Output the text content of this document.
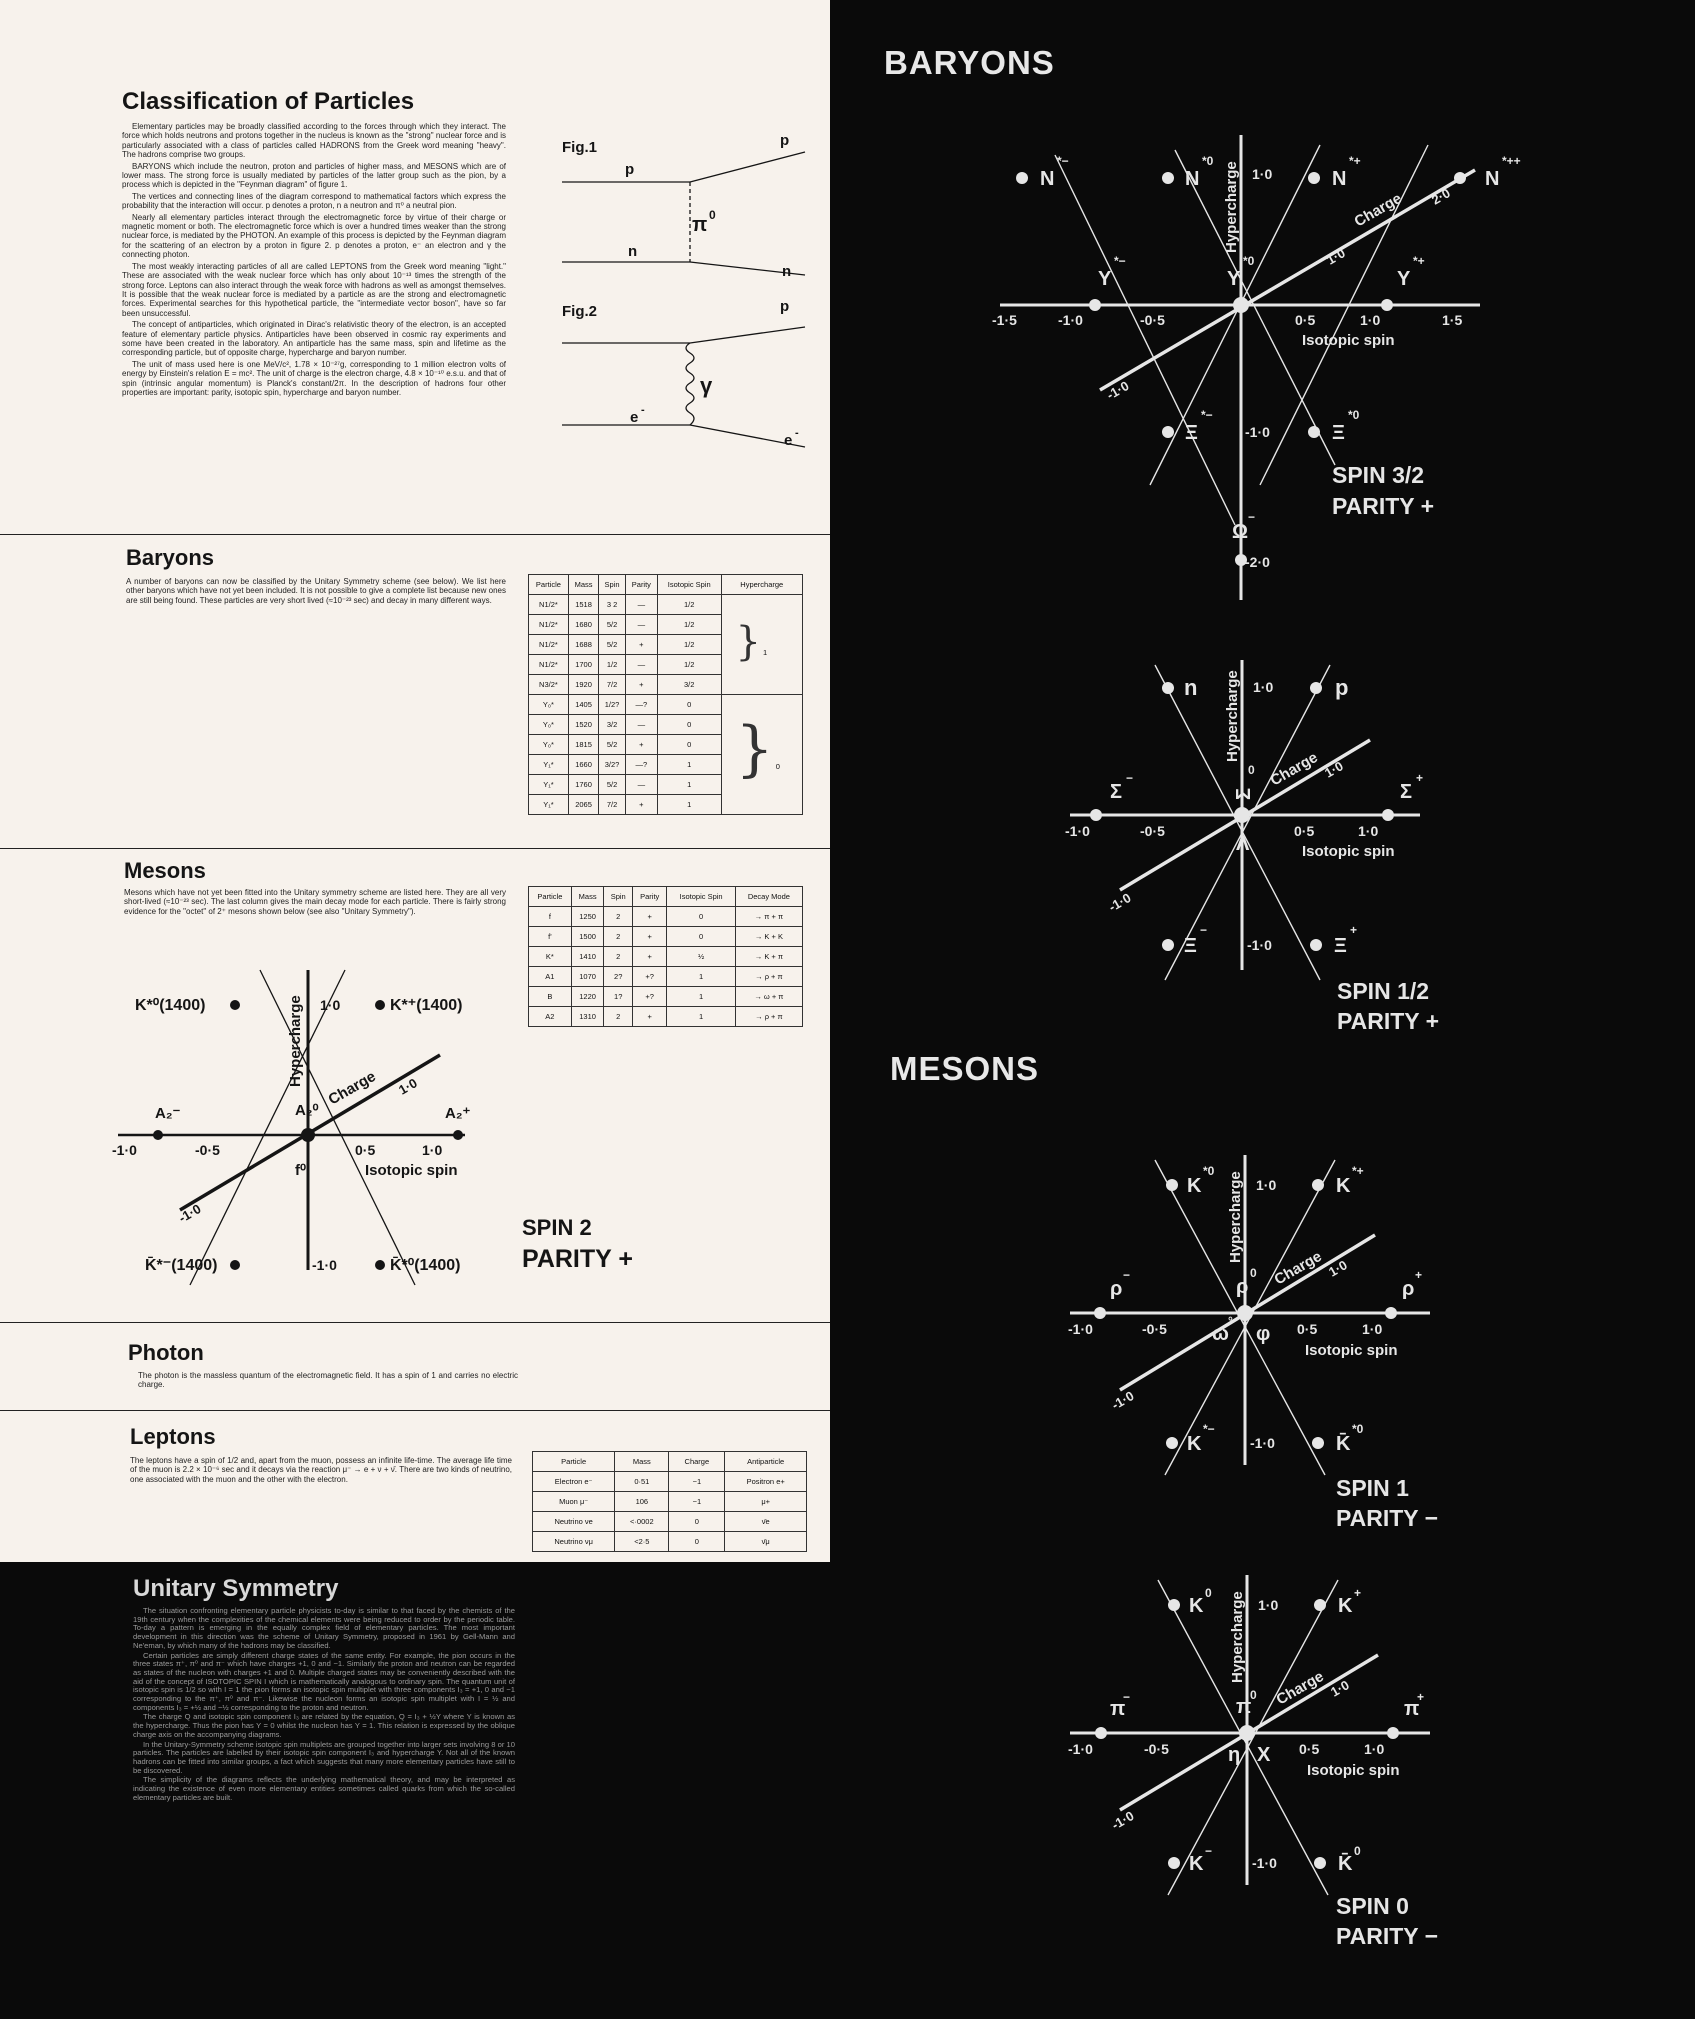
Classification of Particles

Elementary particles may be broadly classified according to the forces through which they interact. The force which holds neutrons and protons together in the nucleus is known as the "strong" nuclear force and is particularly associated with a class of particles called HADRONS from the Greek word meaning "heavy". The hadrons comprise two groups.

BARYONS which include the neutron, proton and particles of higher mass, and MESONS which are of lower mass. The strong force is usually mediated by particles of the latter group such as the pion, by a process which is depicted in the "Feynman diagram" of figure 1.

The vertices and connecting lines of the diagram correspond to mathematical factors which express the probability that the interaction will occur. p denotes a proton, n a neutron and π⁰ a neutral pion.

Nearly all elementary particles interact through the electromagnetic force by virtue of their charge or magnetic moment or both. The electromagnetic force which is over a hundred times weaker than the strong nuclear force, is mediated by the PHOTON. An example of this process is depicted by the Feynman diagram for the scattering of an electron by a proton in figure 2. p denotes a proton, e⁻ an electron and γ the connecting photon.

The most weakly interacting particles of all are called LEPTONS from the Greek word meaning "light." These are associated with the weak nuclear force which has only about 10⁻¹³ times the strength of the strong force. Leptons can also interact through the weak force with hadrons as well as amongst themselves. It is possible that the weak nuclear force is mediated by a particle as are the strong and electromagnetic forces. Experimental searches for this hypothetical particle, the "intermediate vector boson", have so far been unsuccessful.

The concept of antiparticles, which originated in Dirac's relativistic theory of the electron, is an accepted feature of elementary particle physics. Antiparticles have been observed in cosmic ray experiments and some have been created in the laboratory. An antiparticle has the same mass, spin and lifetime as the corresponding particle, but of opposite charge, hypercharge and baryon number.

The unit of mass used here is one MeV/c², 1.78 × 10⁻²⁷g, corresponding to 1 million electron volts of energy by Einstein's relation E = mc². The unit of charge is the electron charge, 4.8 × 10⁻¹⁰ e.s.u. and that of spin (intrinsic angular momentum) is Planck's constant/2π. In the description of hadrons four other properties are important: parity, isotopic spin, hypercharge and baryon number.

Fig.1
p
p
n
n
π 0
Fig.2	p
γ
e -
e -
Baryons
A number of baryons can now be classified by the Unitary Symmetry scheme (see below). We list here other baryons which have not yet been included. It is not possible to give a complete list because new ones are still being found. These particles are very short lived (≈10⁻²³ sec) and decay in many different ways.
Particle	Mass	Spin	Parity	Isotopic Spin	Hypercharge
N1/2*	1518	3 2	—	1/2	} 1
N1/2*	1680	5/2	—	1/2	
N1/2*	1688	5/2	+	1/2	
N1/2*	1700	1/2	—	1/2	
N3/2*	1920	7/2	+	3/2	
Y₀*	1405	1/2?	—?	0	} 0
Y₀*	1520	3/2	—	0	
Y₀*	1815	5/2	+	0	
Y₁*	1660	3/2?	—?	1	
Y₁*	1760	5/2	—	1	
Y₁*	2065	7/2	+	1	
Mesons
Mesons which have not yet been fitted into the Unitary symmetry scheme are listed here. They are all very short-lived (≈10⁻²³ sec). The last column gives the main decay mode for each particle. There is fairly strong evidence for the "octet" of 2⁺ mesons shown below (see also "Unitary Symmetry").
Particle	Mass	Spin	Parity	Isotopic Spin	Decay Mode
f	1250	2	+	0	→ π + π
f'	1500	2	+	0	→ K + K
K*	1410	2	+	½	→ K + π
A1	1070	2?	+?	1	→ ρ + π
B	1220	1?	+?	1	→ ω + π
A2	1310	2	+	1	→ ρ + π
K*⁰(1400)	K*⁺(1400)
A₂⁻	A₂⁰	A₂⁺
f⁰
K̄*⁻(1400)	K̄*⁰(1400)
-1·0	-0·5	0·5	1·0
1·0
-1·0
1·0
-1·0
Isotopic spin
Charge
Hypercharge
SPIN 2
PARITY +
Photon
The photon is the massless quantum of the electromagnetic field. It has a spin of 1 and carries no electric charge.
Leptons
The leptons have a spin of 1/2 and, apart from the muon, possess an infinite life-time. The average life time of the muon is 2.2 × 10⁻⁶ sec and it decays via the reaction μ⁻ → e + ν + ν̄. There are two kinds of neutrino, one associated with the muon and the other with the electron.
Particle	Mass	Charge	Antiparticle
Electron e⁻	0·51	−1	Positron e+
Muon μ⁻	106	−1	μ+
Neutrino νe	<·0002	0	ν̄e
Neutrino νμ	<2·5	0	ν̄μ
Unitary Symmetry

The situation confronting elementary particle physicists to-day is similar to that faced by the chemists of the 19th century when the complexities of the chemical elements were being reduced to order by the periodic table. To-day a pattern is emerging in the equally complex field of elementary particles. The most important development in this direction was the scheme of Unitary Symmetry, proposed in 1961 by Gell-Mann and Ne'eman, by which many of the hadrons may be classified.

Certain particles are simply different charge states of the same entity. For example, the pion occurs in the three states π⁺, π⁰ and π⁻ which have charges +1, 0 and −1. Similarly the proton and neutron can be regarded as states of the nucleon with charges +1 and 0. Multiple charged states may be conveniently described with the aid of the concept of ISOTOPIC SPIN I which is mathematically analogous to ordinary spin. The quantum unit of isotopic spin is 1/2 so with I = 1 the pion forms an isotopic spin multiplet with three components I₃ = +1, 0 and −1 corresponding to the π⁺, π⁰ and π⁻. Likewise the nucleon forms an isotopic spin multiplet with I = ½ and components I₃ = +½ and −½ corresponding to the proton and neutron.

The charge Q and isotopic spin component I₃ are related by the equation, Q = I₃ + ½Y where Y is known as the hypercharge. Thus the pion has Y = 0 whilst the nucleon has Y = 1. This relation is expressed by the oblique charge axis on the accompanying diagrams.

In the Unitary-Symmetry scheme isotopic spin multiplets are grouped together into larger sets involving 8 or 10 particles. The particles are labelled by their isotopic spin component I₃ and hypercharge Y. Not all of the known hadrons can be fitted into similar groups, a fact which suggests that many more elementary particles have still to be discovered.

The simplicity of the diagrams reflects the underlying mathematical theory, and may be interpreted as indicating the existence of even more elementary entities sometimes called quarks from which the so-called elementary particles are built.

BARYONS
MESONS
N
*−
N
*0
N
*+
N
*++
Y
*−
Y
*0
Y
*+
Ξ
*−
Ξ
*0
Ω
−
-1·5	-1·0	-0·5	0·5	1·0	1·5
1·0
-1·0
-2·0
1·0
2·0
-1·0
Isotopic spin
Charge
Hypercharge
SPIN 3/2
PARITY +
n	p
Σ
−
Σ
0
Σ
+
Λ
Ξ
−
Ξ
+
-1·0	-0·5	0·5	1·0
1·0
-1·0
1·0
-1·0
Isotopic spin
Charge
Hypercharge
SPIN 1/2
PARITY +
K
*0
K
*+
ρ
−
ρ
0
ρ
+
ω
°
φ
K
*−
K̄
*0
-1·0	-0·5	0·5	1·0
1·0
-1·0
1·0
-1·0
Isotopic spin
Charge
Hypercharge
SPIN 1
PARITY −
K
0
K
+
π
−	π
0
π
+
η X
K
−
K̄
0
-1·0	-0·5	0·5	1·0
1·0
-1·0
1·0
-1·0
Isotopic spin
Charge
Hypercharge
SPIN 0
PARITY −
